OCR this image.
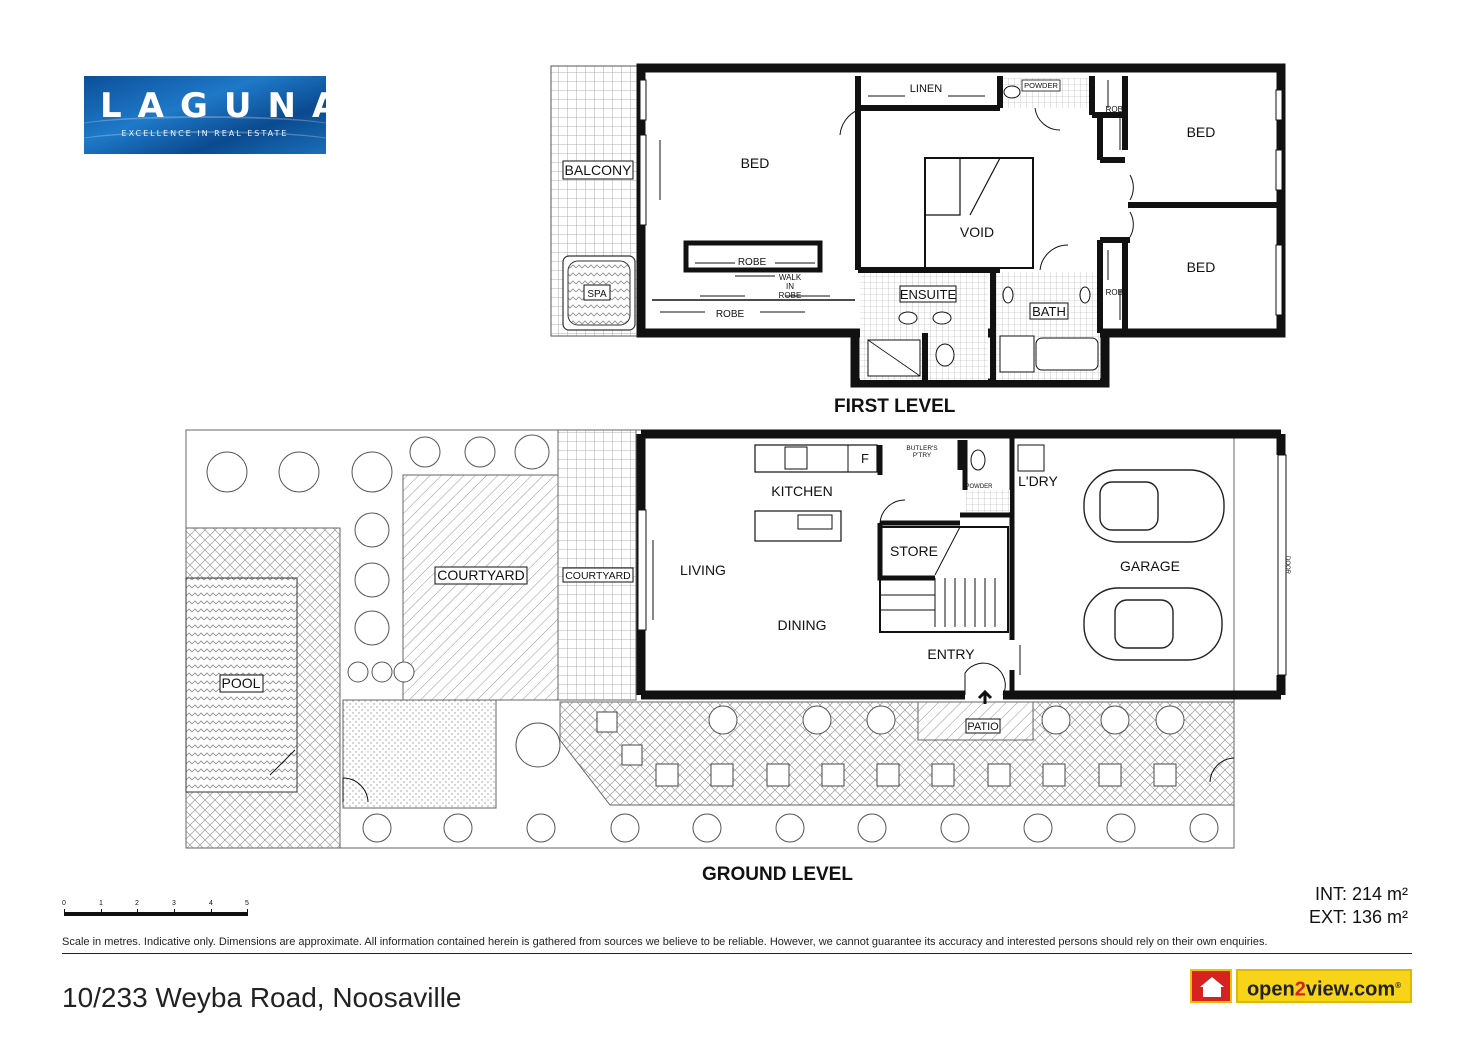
LAGUNA
EXCELLENCE IN REAL ESTATE
BALCONY
SPA
BED
ROBE
WALK
IN
ROBE
ROBE
LINEN	POWDER
VOID
ENSUITE
BATH
ROBE
BED
ROBE
BED
POOL
COURTYARD	COURTYARD
KITCHEN
F
BUTLER'S
P'TRY
POWDER L'DRY
LIVING
DINING
STORE
ENTRY
GARAGE	DOOR
PATIO
FIRST LEVEL
GROUND LEVEL
0	1	2	3	4	5	INT: 214 m²
EXT: 136 m²
Scale in metres. Indicative only. Dimensions are approximate. All information contained herein is gathered from sources we believe to be reliable. However, we cannot guarantee its accuracy and interested persons should rely on their own enquiries.
10/233 Weyba Road, Noosaville	open2view.com®
